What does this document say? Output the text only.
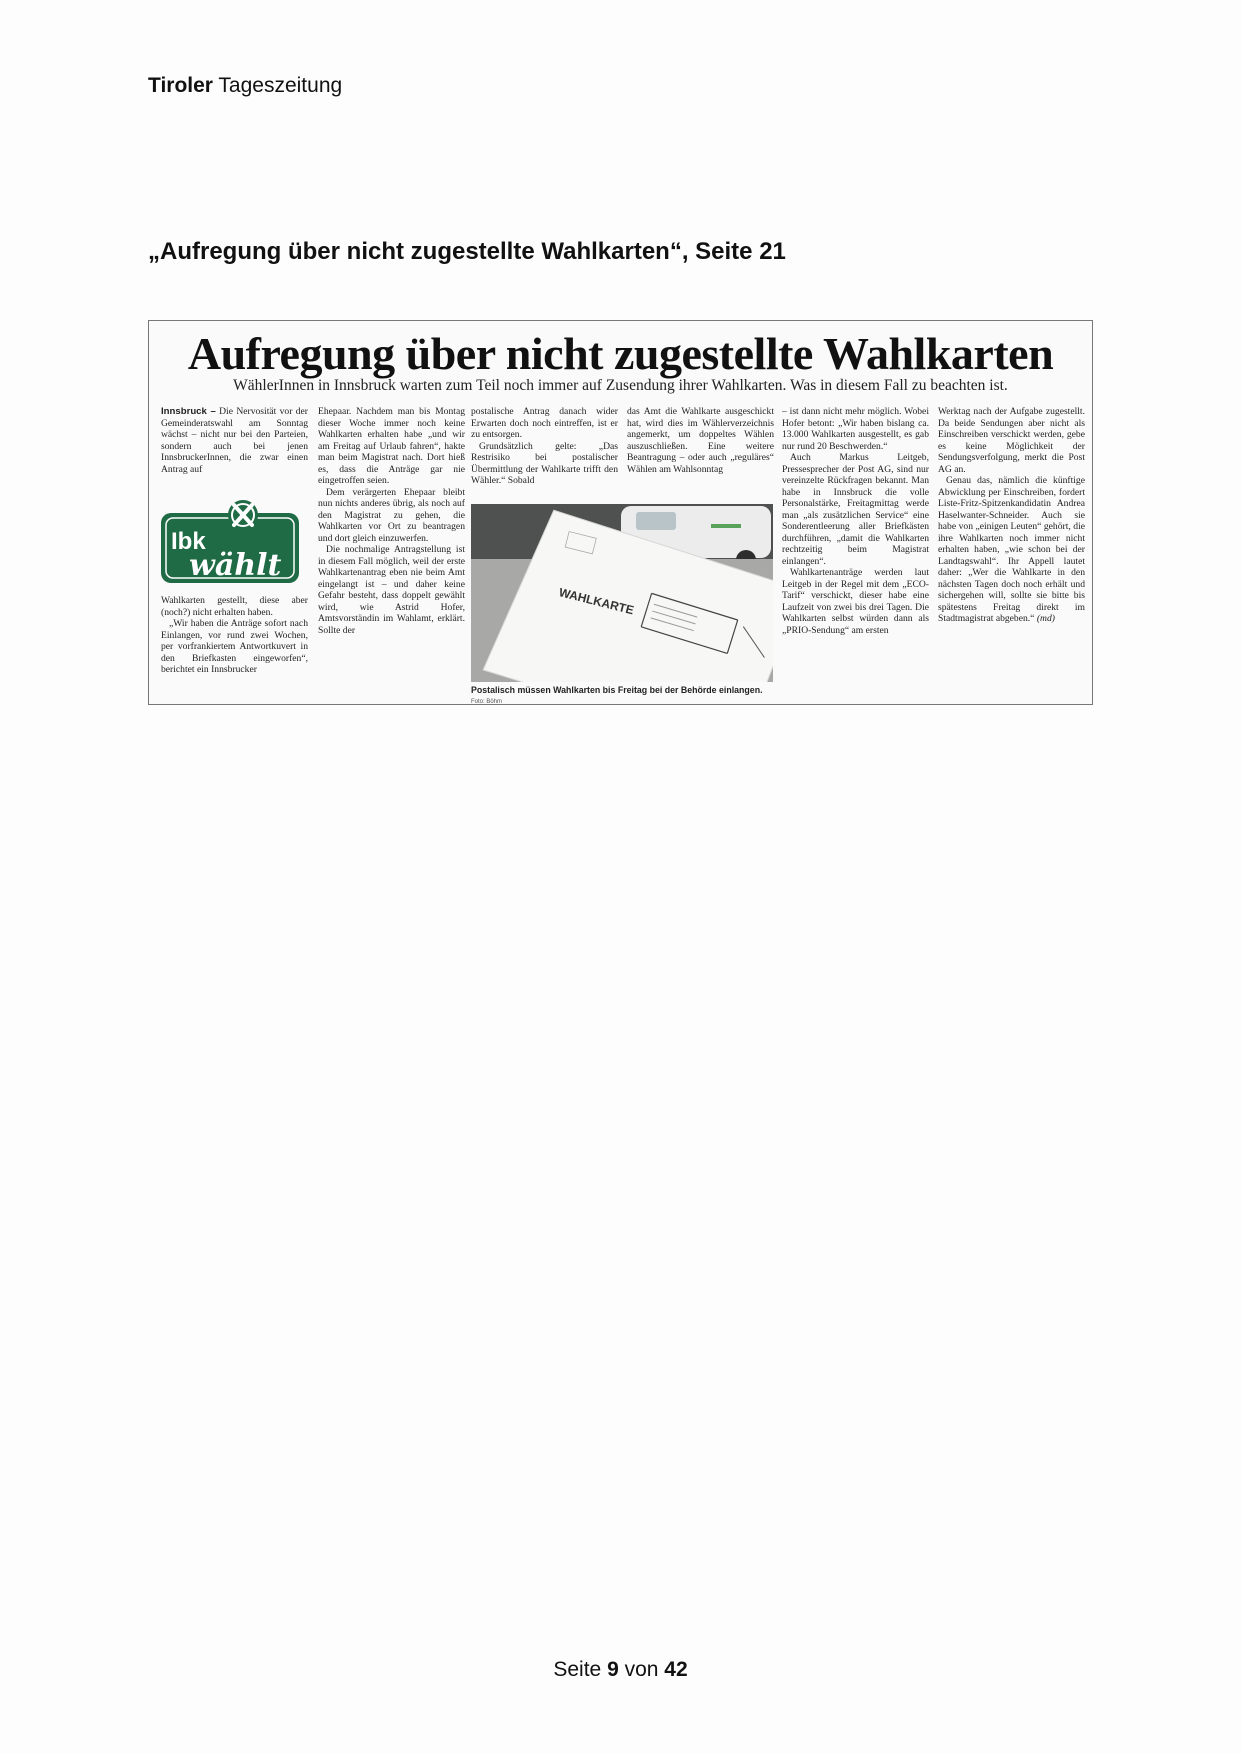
Tiroler Tageszeitung
„Aufregung über nicht zugestellte Wahlkarten“, Seite 21
Aufregung über nicht zugestellte Wahlkarten
WählerInnen in Innsbruck warten zum Teil noch immer auf Zusendung ihrer Wahlkarten. Was in diesem Fall zu beachten ist.

Innsbruck – Die Nervosität vor der Gemeinderatswahl am Sonntag wächst – nicht nur bei den Parteien, sondern auch bei jenen InnsbruckerInnen, die zwar einen Antrag auf

Ibk
wählt

Wahlkarten gestellt, diese aber (noch?) nicht erhalten haben.

„Wir haben die Anträge sofort nach Einlangen, vor rund zwei Wochen, per vorfrankiertem Antwortkuvert in den Briefkasten eingeworfen“, berichtet ein Innsbrucker

Ehepaar. Nachdem man bis Montag dieser Woche immer noch keine Wahlkarten erhalten habe „und wir am Freitag auf Urlaub fahren“, hakte man beim Magistrat nach. Dort hieß es, dass die Anträge gar nie eingetroffen seien.

Dem verärgerten Ehepaar bleibt nun nichts anderes übrig, als noch auf den Magistrat zu gehen, die Wahlkarten vor Ort zu beantragen und dort gleich einzuwerfen.

Die nochmalige Antragstellung ist in diesem Fall möglich, weil der erste Wahlkartenantrag eben nie beim Amt eingelangt ist – und daher keine Gefahr besteht, dass doppelt gewählt wird, wie Astrid Hofer, Amtsvorständin im Wahlamt, erklärt. Sollte der

postalische Antrag danach wider Erwarten doch noch eintreffen, ist er zu entsorgen.

Grundsätzlich gelte: „Das Restrisiko bei postalischer Übermittlung der Wahlkarte trifft den Wähler.“ Sobald

das Amt die Wahlkarte ausgeschickt hat, wird dies im Wählerverzeichnis angemerkt, um doppeltes Wählen auszuschließen. Eine weitere Beantragung – oder auch „reguläres“ Wählen am Wahlsonntag

WAHLKARTE
Postalisch müssen Wahlkarten bis Freitag bei der Behörde einlangen. Foto: Böhm

– ist dann nicht mehr möglich. Wobei Hofer betont: „Wir haben bislang ca. 13.000 Wahlkarten ausgestellt, es gab nur rund 20 Beschwerden.“

Auch Markus Leitgeb, Pressesprecher der Post AG, sind nur vereinzelte Rückfragen bekannt. Man habe in Innsbruck die volle Personalstärke, Freitagmittag werde man „als zusätzlichen Service“ eine Sonderentleerung aller Briefkästen durchführen, „damit die Wahlkarten rechtzeitig beim Magistrat einlangen“.

Wahlkartenanträge werden laut Leitgeb in der Regel mit dem „ECO-Tarif“ verschickt, dieser habe eine Laufzeit von zwei bis drei Tagen. Die Wahlkarten selbst würden dann als „PRIO-Sendung“ am ersten

Werktag nach der Aufgabe zugestellt. Da beide Sendungen aber nicht als Einschreiben verschickt werden, gebe es keine Möglichkeit der Sendungsverfolgung, merkt die Post AG an.

Genau das, nämlich die künftige Abwicklung per Einschreiben, fordert Liste-Fritz-Spitzenkandidatin Andrea Haselwanter-Schneider. Auch sie habe von „einigen Leuten“ gehört, die ihre Wahlkarten noch immer nicht erhalten haben, „wie schon bei der Landtagswahl“. Ihr Appell lautet daher: „Wer die Wahlkarte in den nächsten Tagen doch noch erhält und sichergehen will, sollte sie bitte bis spätestens Freitag direkt im Stadtmagistrat abgeben.“ (md)

Seite 9 von 42
